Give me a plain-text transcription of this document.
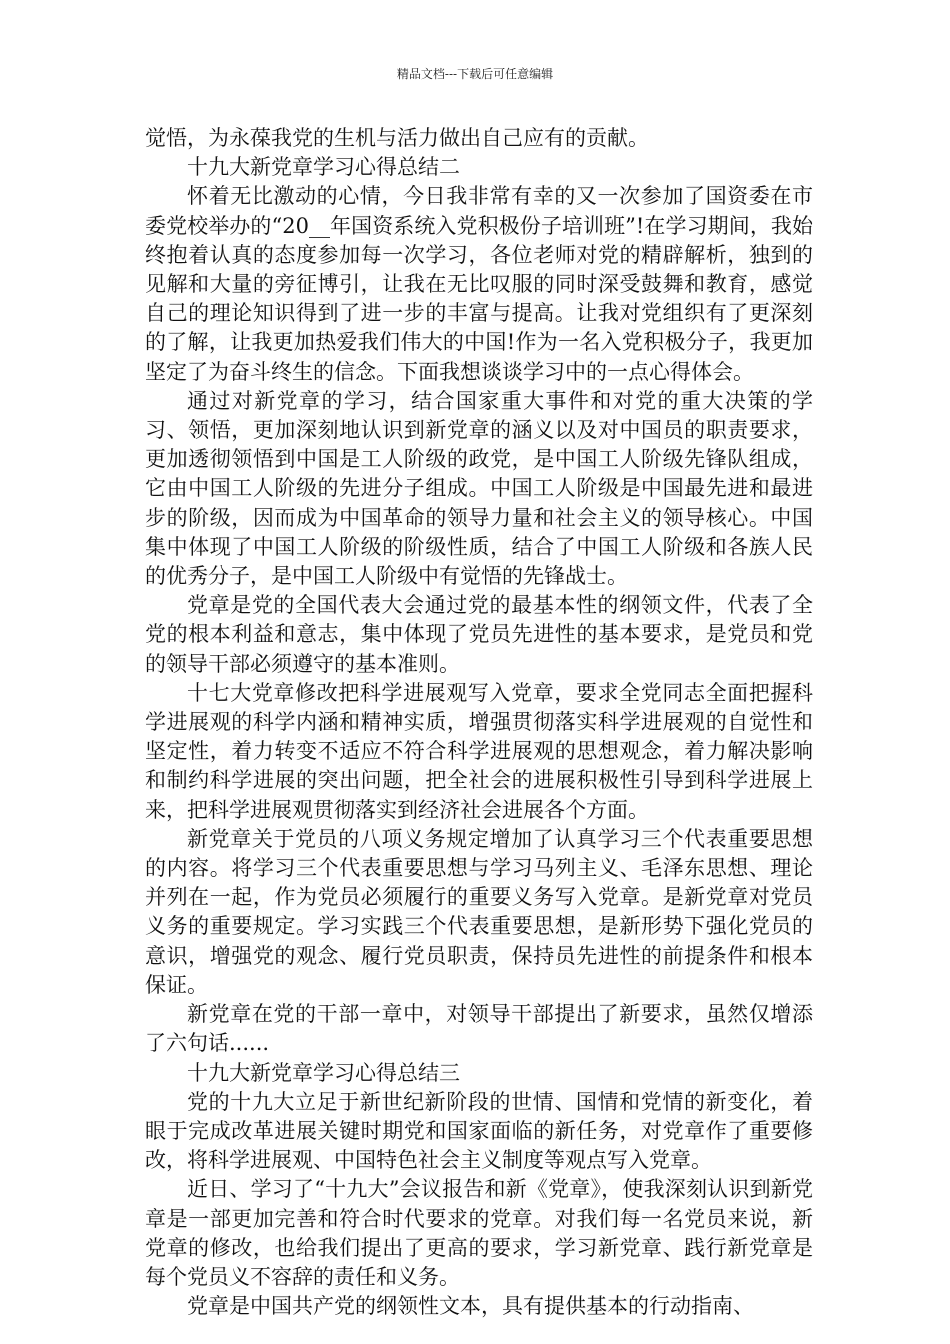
精品文档---下载后可任意编辑

觉悟，为永葆我党的生机与活力做出自己应有的贡献。

十九大新党章学习心得总结二

怀着无比激动的心情，今日我非常有幸的又一次参加了国资委在市委党校举办的“20__年国资系统入党积极份子培训班”!在学习期间，我始终抱着认真的态度参加每一次学习，各位老师对党的精辟解析，独到的见解和大量的旁征博引，让我在无比叹服的同时深受鼓舞和教育，感觉自己的理论知识得到了进一步的丰富与提高。让我对党组织有了更深刻的了解，让我更加热爱我们伟大的中国!作为一名入党积极分子，我更加坚定了为奋斗终生的信念。下面我想谈谈学习中的一点心得体会。

通过对新党章的学习，结合国家重大事件和对党的重大决策的学习、领悟，更加深刻地认识到新党章的涵义以及对中国员的职责要求，更加透彻领悟到中国是工人阶级的政党，是中国工人阶级先锋队组成，它由中国工人阶级的先进分子组成。中国工人阶级是中国最先进和最进步的阶级，因而成为中国革命的领导力量和社会主义的领导核心。中国集中体现了中国工人阶级的阶级性质，结合了中国工人阶级和各族人民的优秀分子，是中国工人阶级中有觉悟的先锋战士。

党章是党的全国代表大会通过党的最基本性的纲领文件，代表了全党的根本利益和意志，集中体现了党员先进性的基本要求，是党员和党的领导干部必须遵守的基本准则。

十七大党章修改把科学进展观写入党章，要求全党同志全面把握科学进展观的科学内涵和精神实质，增强贯彻落实科学进展观的自觉性和坚定性，着力转变不适应不符合科学进展观的思想观念，着力解决影响和制约科学进展的突出问题，把全社会的进展积极性引导到科学进展上来，把科学进展观贯彻落实到经济社会进展各个方面。

新党章关于党员的八项义务规定增加了认真学习三个代表重要思想的内容。将学习三个代表重要思想与学习马列主义、毛泽东思想、理论并列在一起，作为党员必须履行的重要义务写入党章。是新党章对党员义务的重要规定。学习实践三个代表重要思想，是新形势下强化党员的意识，增强党的观念、履行党员职责，保持员先进性的前提条件和根本保证。

新党章在党的干部一章中，对领导干部提出了新要求，虽然仅增添了六句话......

十九大新党章学习心得总结三

党的十九大立足于新世纪新阶段的世情、国情和党情的新变化，着眼于完成改革进展关键时期党和国家面临的新任务，对党章作了重要修改，将科学进展观、中国特色社会主义制度等观点写入党章。

近日、学习了“十九大”会议报告和新《党章》，使我深刻认识到新党章是一部更加完善和符合时代要求的党章。对我们每一名党员来说，新党章的修改，也给我们提出了更高的要求，学习新党章、践行新党章是每个党员义不容辞的责任和义务。

党章是中国共产党的纲领性文本，具有提供基本的行动指南、
